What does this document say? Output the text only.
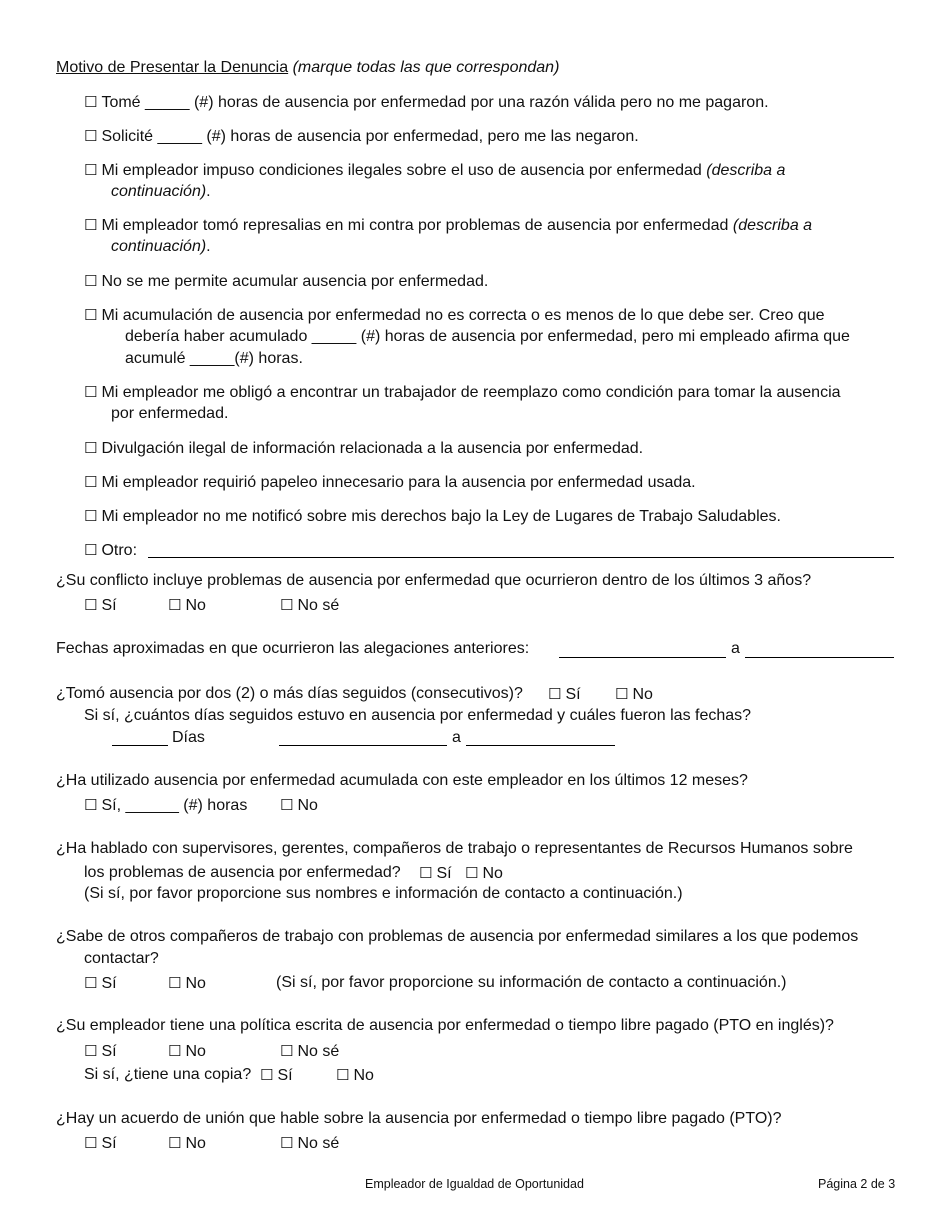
Motivo de Presentar la Denuncia (marque todas las que correspondan)
☐ Tomé _____ (#) horas de ausencia por enfermedad por una razón válida pero no me pagaron.
☐ Solicité _____ (#) horas de ausencia por enfermedad, pero me las negaron.
☐ Mi empleador impuso condiciones ilegales sobre el uso de ausencia por enfermedad (describa a
continuación).
☐ Mi empleador tomó represalias en mi contra por problemas de ausencia por enfermedad (describa a
continuación).
☐ No se me permite acumular ausencia por enfermedad.
☐ Mi acumulación de ausencia por enfermedad no es correcta o es menos de lo que debe ser. Creo que
debería haber acumulado _____ (#) horas de ausencia por enfermedad, pero mi empleado afirma que
acumulé _____(#) horas.
☐ Mi empleador me obligó a encontrar un trabajador de reemplazo como condición para tomar la ausencia
por enfermedad.
☐ Divulgación ilegal de información relacionada a la ausencia por enfermedad.
☐ Mi empleador requirió papeleo innecesario para la ausencia por enfermedad usada.
☐ Mi empleador no me notificó sobre mis derechos bajo la Ley de Lugares de Trabajo Saludables.
☐ Otro:
¿Su conflicto incluye problemas de ausencia por enfermedad que ocurrieron dentro de los últimos 3 años?
☐ Sí	☐ No	☐ No sé
Fechas aproximadas en que ocurrieron las alegaciones anteriores:	a
¿Tomó ausencia por dos (2) o más días seguidos (consecutivos)? ☐ Sí ☐ No
Si sí, ¿cuántos días seguidos estuvo en ausencia por enfermedad y cuáles fueron las fechas?
Días	a
¿Ha utilizado ausencia por enfermedad acumulada con este empleador en los últimos 12 meses?
☐ Sí, ______ (#) horas ☐ No
¿Ha hablado con supervisores, gerentes, compañeros de trabajo o representantes de Recursos Humanos sobre
los problemas de ausencia por enfermedad? ☐ Sí ☐ No
(Si sí, por favor proporcione sus nombres e información de contacto a continuación.)
¿Sabe de otros compañeros de trabajo con problemas de ausencia por enfermedad similares a los que podemos
contactar?
☐ Sí	☐ No	(Si sí, por favor proporcione su información de contacto a continuación.)
¿Su empleador tiene una política escrita de ausencia por enfermedad o tiempo libre pagado (PTO en inglés)?
☐ Sí	☐ No	☐ No sé
Si sí, ¿tiene una copia? ☐ Sí	☐ No
¿Hay un acuerdo de unión que hable sobre la ausencia por enfermedad o tiempo libre pagado (PTO)?
☐ Sí	☐ No	☐ No sé
Empleador de Igualdad de Oportunidad	Página 2 de 3
